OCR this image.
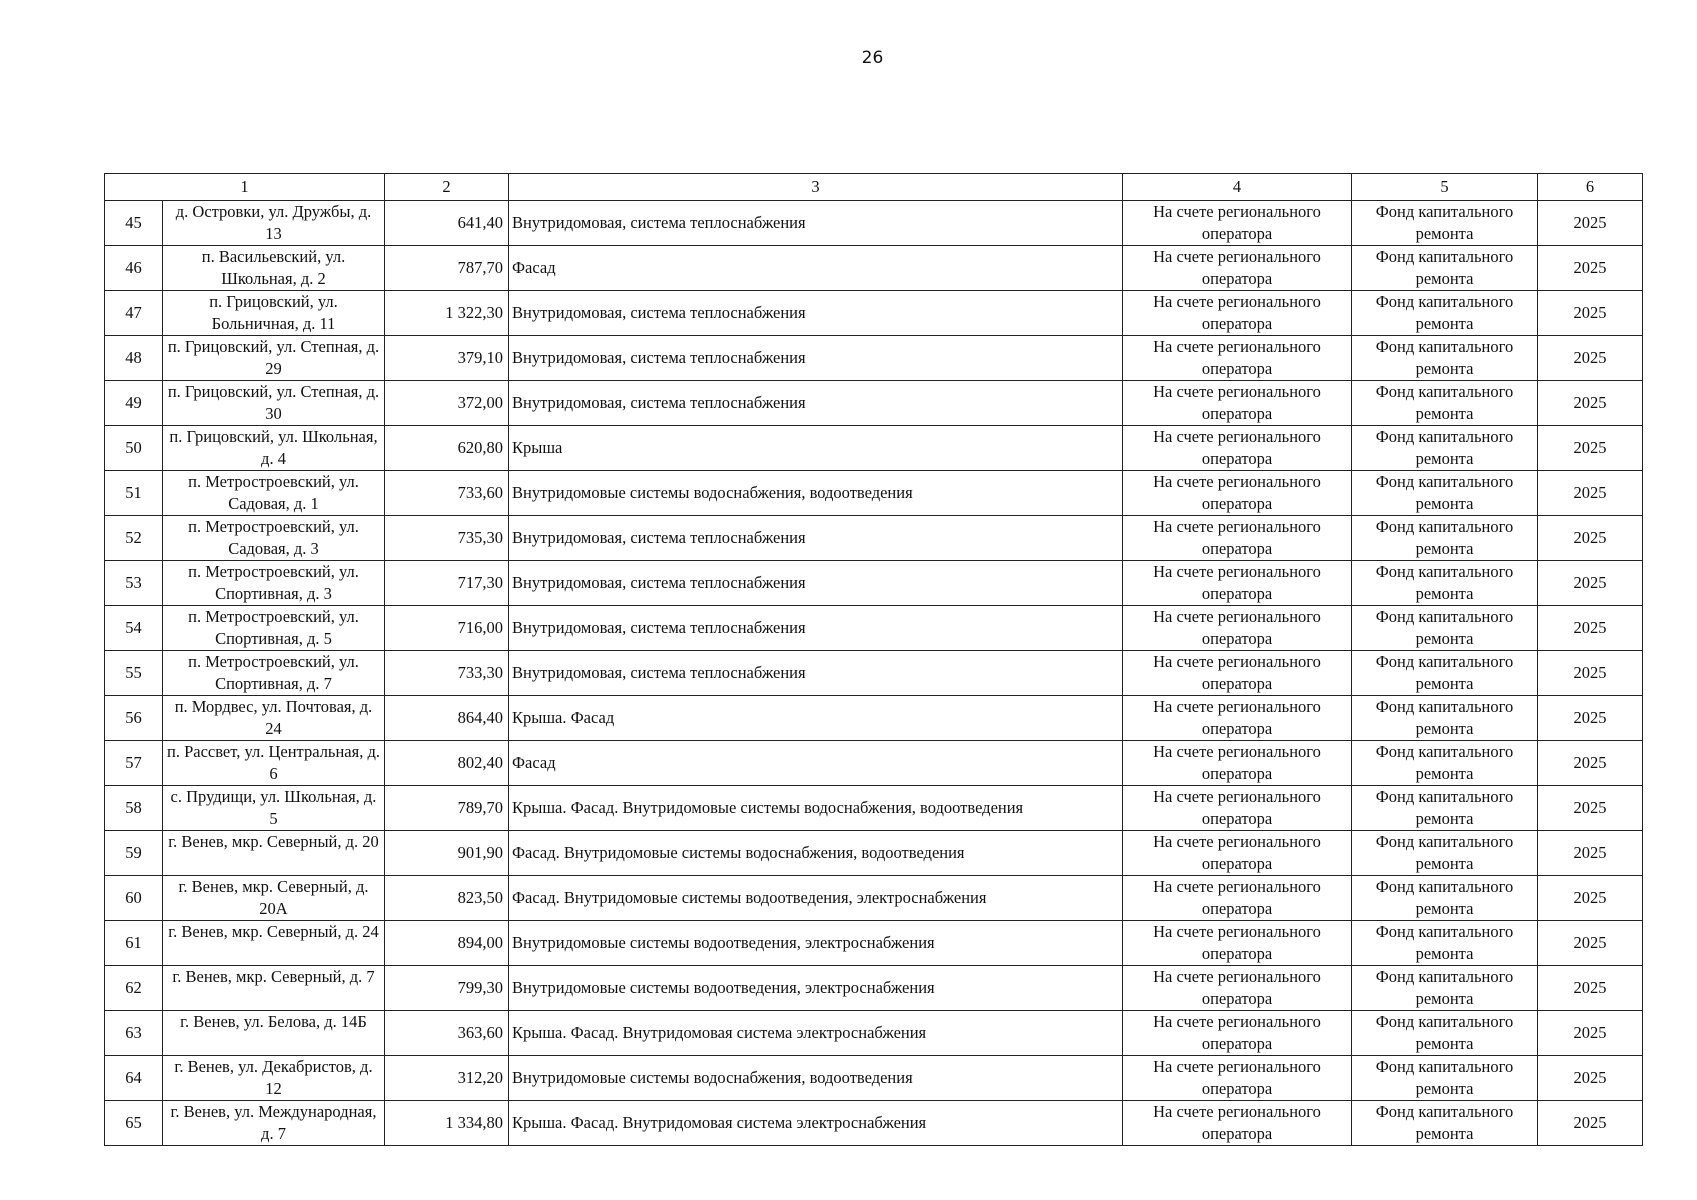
26
1		2	3	4	5	6
45	д. Островки, ул. Дружбы, д. 13	641,40	Внутридомовая, система теплоснабжения	На счете регионального оператора	Фонд капитального ремонта	2025
46	п. Васильевский, ул. Школьная, д. 2	787,70	Фасад	На счете регионального оператора	Фонд капитального ремонта	2025
47	п. Грицовский, ул. Больничная, д. 11	1 322,30	Внутридомовая, система теплоснабжения	На счете регионального оператора	Фонд капитального ремонта	2025
48	п. Грицовский, ул. Степная, д. 29	379,10	Внутридомовая, система теплоснабжения	На счете регионального оператора	Фонд капитального ремонта	2025
49	п. Грицовский, ул. Степная, д. 30	372,00	Внутридомовая, система теплоснабжения	На счете регионального оператора	Фонд капитального ремонта	2025
50	п. Грицовский, ул. Школьная, д. 4	620,80	Крыша	На счете регионального оператора	Фонд капитального ремонта	2025
51	п. Метростроевский, ул. Садовая, д. 1	733,60	Внутридомовые системы водоснабжения, водоотведения	На счете регионального оператора	Фонд капитального ремонта	2025
52	п. Метростроевский, ул. Садовая, д. 3	735,30	Внутридомовая, система теплоснабжения	На счете регионального оператора	Фонд капитального ремонта	2025
53	п. Метростроевский, ул. Спортивная, д. 3	717,30	Внутридомовая, система теплоснабжения	На счете регионального оператора	Фонд капитального ремонта	2025
54	п. Метростроевский, ул. Спортивная, д. 5	716,00	Внутридомовая, система теплоснабжения	На счете регионального оператора	Фонд капитального ремонта	2025
55	п. Метростроевский, ул. Спортивная, д. 7	733,30	Внутридомовая, система теплоснабжения	На счете регионального оператора	Фонд капитального ремонта	2025
56	п. Мордвес, ул. Почтовая, д. 24	864,40	Крыша. Фасад	На счете регионального оператора	Фонд капитального ремонта	2025
57	п. Рассвет, ул. Центральная, д. 6	802,40	Фасад	На счете регионального оператора	Фонд капитального ремонта	2025
58	с. Прудищи, ул. Школьная, д. 5	789,70	Крыша. Фасад. Внутридомовые системы водоснабжения, водоотведения	На счете регионального оператора	Фонд капитального ремонта	2025
59	г. Венев, мкр. Северный, д. 20	901,90	Фасад. Внутридомовые системы водоснабжения, водоотведения	На счете регионального оператора	Фонд капитального ремонта	2025
60	г. Венев, мкр. Северный, д. 20А	823,50	Фасад. Внутридомовые системы водоотведения, электроснабжения	На счете регионального оператора	Фонд капитального ремонта	2025
61	г. Венев, мкр. Северный, д. 24	894,00	Внутридомовые системы водоотведения, электроснабжения	На счете регионального оператора	Фонд капитального ремонта	2025
62	г. Венев, мкр. Северный, д. 7	799,30	Внутридомовые системы водоотведения, электроснабжения	На счете регионального оператора	Фонд капитального ремонта	2025
63	г. Венев, ул. Белова, д. 14Б	363,60	Крыша. Фасад. Внутридомовая система электроснабжения	На счете регионального оператора	Фонд капитального ремонта	2025
64	г. Венев, ул. Декабристов, д. 12	312,20	Внутридомовые системы водоснабжения, водоотведения	На счете регионального оператора	Фонд капитального ремонта	2025
65	г. Венев, ул. Международная, д. 7	1 334,80	Крыша. Фасад. Внутридомовая система электроснабжения	На счете регионального оператора	Фонд капитального ремонта	2025
